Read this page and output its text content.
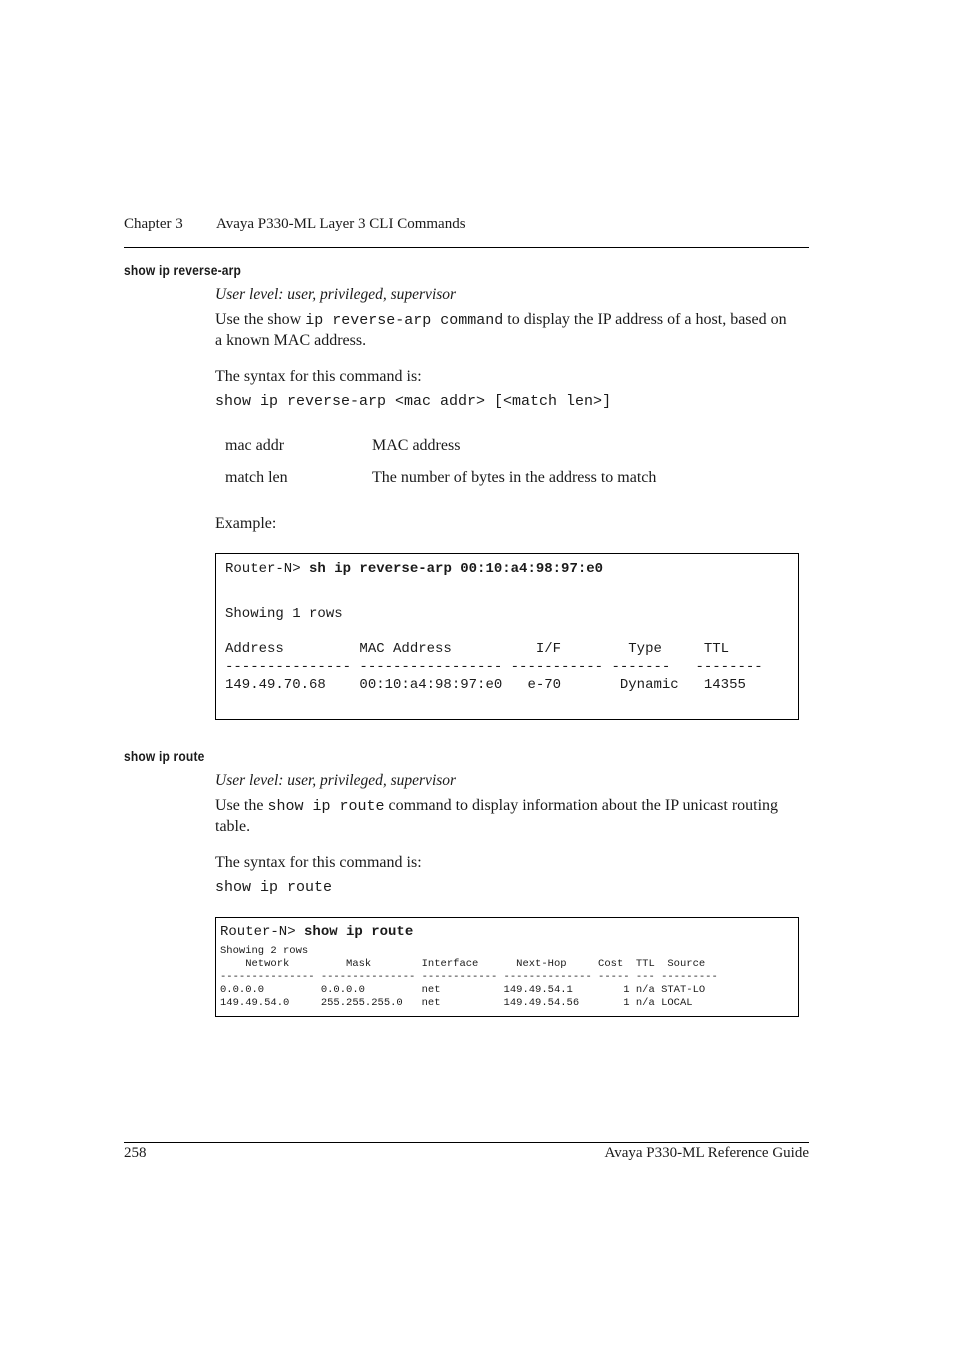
Chapter 3 Avaya P330-ML Layer 3 CLI Commands
show ip reverse-arp
User level: user, privileged, supervisor
Use the show ip reverse-arp command to display the IP address of a host, based on a known MAC address.
The syntax for this command is:
show ip reverse-arp <mac addr> [<match len>]
mac addr	MAC address
match len	The number of bytes in the address to match
Example:
Router-N> sh ip reverse-arp 00:10:a4:98:97:e0
Showing 1 rows
Address         MAC Address          I/F        Type     TTL
--------------- ----------------- ----------- -------   --------
149.49.70.68    00:10:a4:98:97:e0   e-70       Dynamic   14355
show ip route
User level: user, privileged, supervisor
Use the show ip route command to display information about the IP unicast routing table.
The syntax for this command is:
show ip route
Router-N> show ip route
Showing 2 rows
Network         Mask        Interface      Next-Hop     Cost  TTL  Source
--------------- --------------- ------------ -------------- ----- --- ---------
0.0.0.0         0.0.0.0         net          149.49.54.1        1 n/a STAT-LO
149.49.54.0     255.255.255.0   net          149.49.54.56       1 n/a LOCAL
258	Avaya P330-ML Reference Guide
